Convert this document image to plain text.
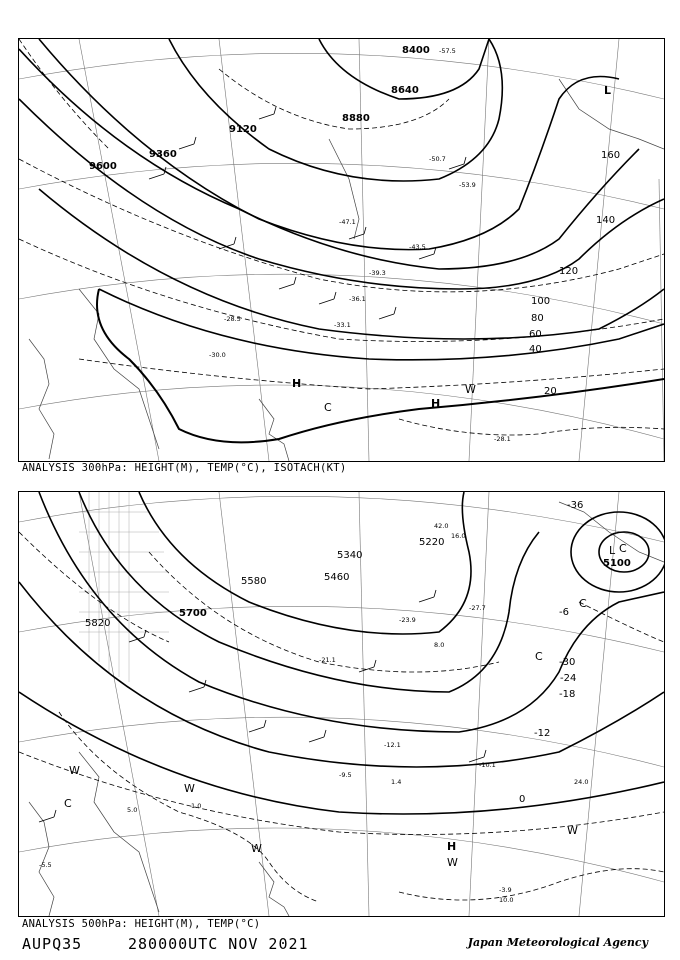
8400
8640
8880
9120
9360
9600
20
40
60
80
100
120
140
160
-30.0
-33.1
-36.1
-39.3
-43.5
-47.1
-50.7
-53.9
-57.5
-28.5
-28.1
H
H
C
W
L
ANALYSIS 300hPa: HEIGHT(M), TEMP(°C), ISOTACH(KT)
5100
5220
5340
5460
5580
5700
5820
-36
-30
-24
-18
-12
-6
0
-10.1
-12.1
-9.5
-3.9
-5.5
-21.1
-23.9
-27.7
24.0
10.0
42.0
16.0
8.0
1.4
1.0
5.0
L C
C
C
C
W
W
W
W
H
W
ANALYSIS 500hPa: HEIGHT(M), TEMP(°C)
AUPQ35	280000UTC NOV 2021	Japan Meteorological Agency
